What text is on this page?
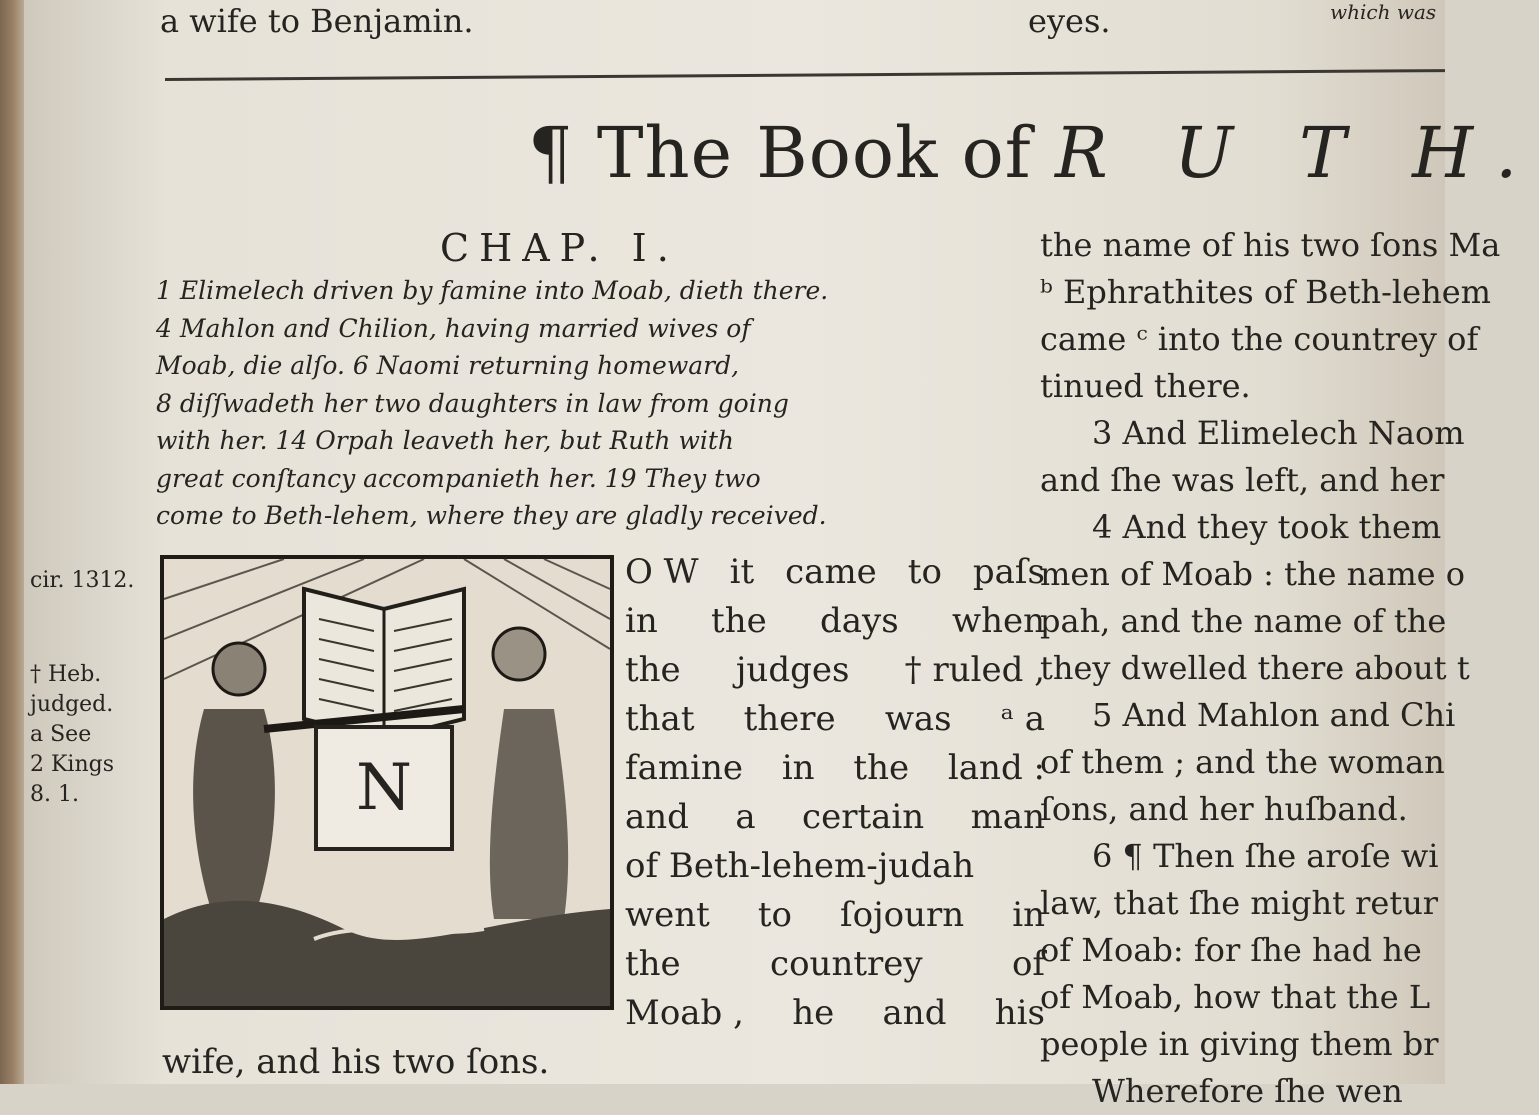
a wife to Benjamin.	eyes.	which was
¶ The Book of R U T H.
CHAP. I.
1 Elimelech driven by famine into Moab, dieth there.
4 Mahlon and Chilion, having married wives of
Moab, die alſo. 6 Naomi returning homeward,
8 diſſwadeth her two daughters in law from going
with her. 14 Orpah leaveth her, but Ruth with
great conſtancy accompanieth her. 19 They two
come to Beth-lehem, where they are gladly received.
cir. 1312.
† Heb.
judged.
a See
2 Kings
8. 1.	N
O W it came to paſs
in the days when
the judges † ruled ,
that there was ᵃ a
famine in the land :
and a certain man
of Beth-lehem-judah
went to ſojourn in
the	countrey	of
Moab , he and his
wife, and his two ſons.
the name of his two ſons Ma
ᵇ Ephrathites of Beth-lehem
came ᶜ into the countrey of
tinued there.
3 And Elimelech Naom
and ſhe was left, and her
4 And they took them
men of Moab : the name o
pah, and the name of the
they dwelled there about t
5 And Mahlon and Chi
of them ; and the woman
ſons, and her huſband.
6 ¶ Then ſhe aroſe wi
law, that ſhe might retur
of Moab: for ſhe had he
of Moab, how that the L
people in giving them br
Wherefore ſhe wen
